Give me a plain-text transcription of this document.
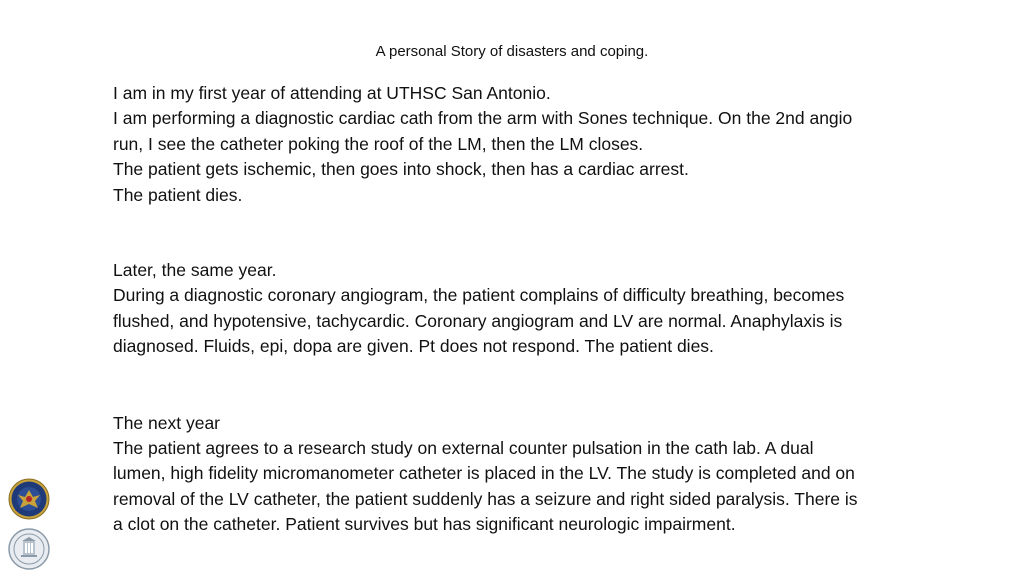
A personal Story of disasters and coping.
I am in my first year of attending at UTHSC San Antonio.
I am performing a diagnostic cardiac cath from the arm with Sones technique. On the 2nd angio
run, I see the catheter poking the roof of the LM, then the LM closes.
The patient gets ischemic, then goes into shock, then has a cardiac arrest.
The patient dies.
Later, the same year.
During a diagnostic coronary angiogram, the patient complains of difficulty breathing, becomes
flushed, and hypotensive, tachycardic. Coronary angiogram and LV are normal. Anaphylaxis is
diagnosed. Fluids, epi, dopa are given. Pt does not respond. The patient dies.
The next year
The patient agrees to a research study on external counter pulsation in the cath lab. A dual
lumen, high fidelity micromanometer catheter is placed in the LV. The study is completed and on
removal of the LV catheter, the patient suddenly has a seizure and right sided paralysis. There is
a clot on the catheter. Patient survives but has significant neurologic impairment.
